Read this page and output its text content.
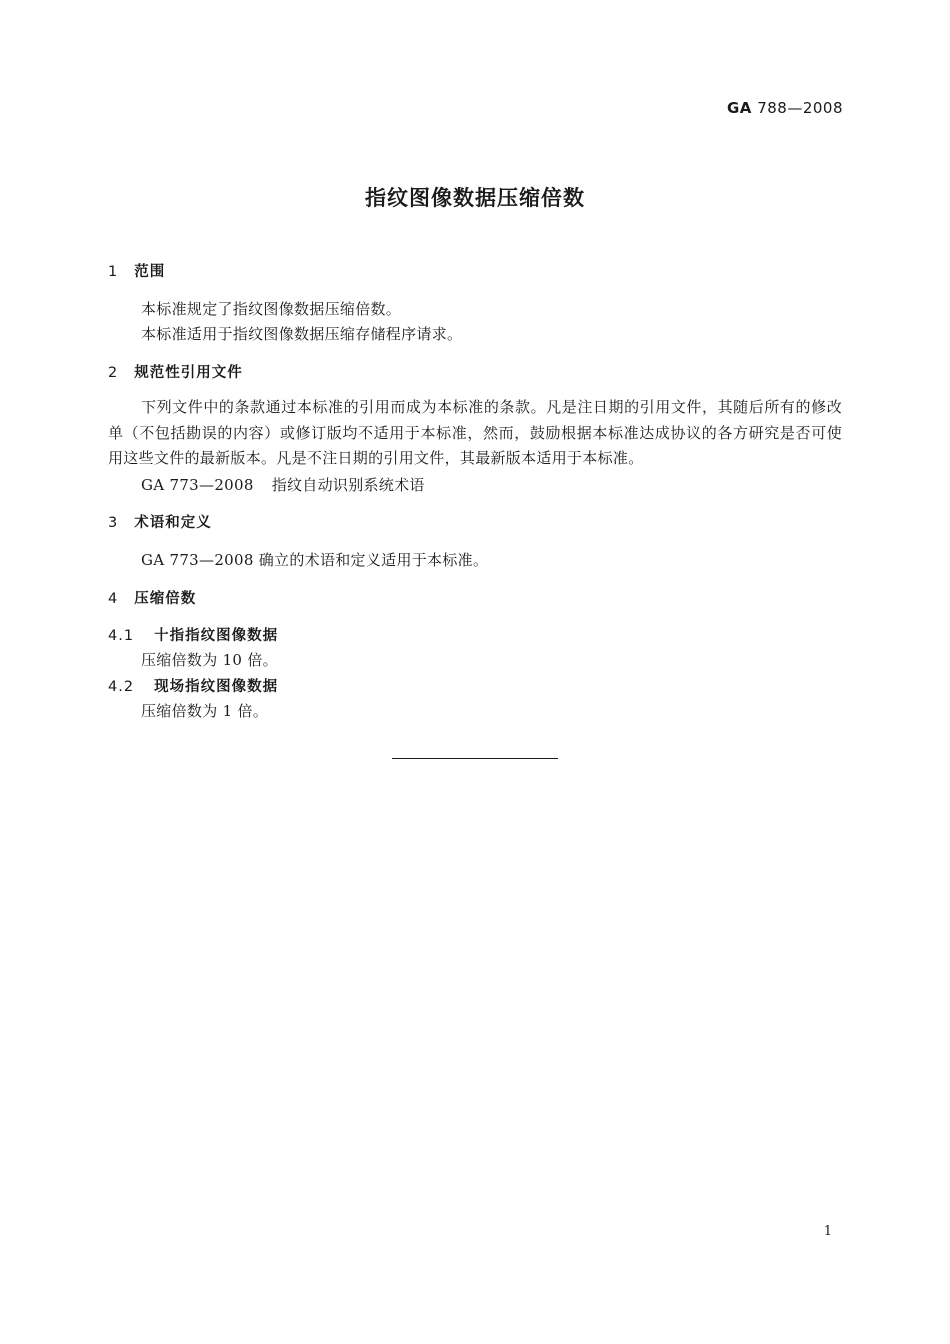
GA 788—2008
指纹图像数据压缩倍数
1 范围
本标准规定了指纹图像数据压缩倍数。
本标准适用于指纹图像数据压缩存储程序请求。
2 规范性引用文件
下列文件中的条款通过本标准的引用而成为本标准的条款。凡是注日期的引用文件，其随后所有的修改单（不包括勘误的内容）或修订版均不适用于本标准，然而，鼓励根据本标准达成协议的各方研究是否可使用这些文件的最新版本。凡是不注日期的引用文件，其最新版本适用于本标准。
GA 773—2008 指纹自动识别系统术语
3 术语和定义
GA 773—2008 确立的术语和定义适用于本标准。
4 压缩倍数
4.1 十指指纹图像数据
压缩倍数为 10 倍。
4.2 现场指纹图像数据
压缩倍数为 1 倍。
1
